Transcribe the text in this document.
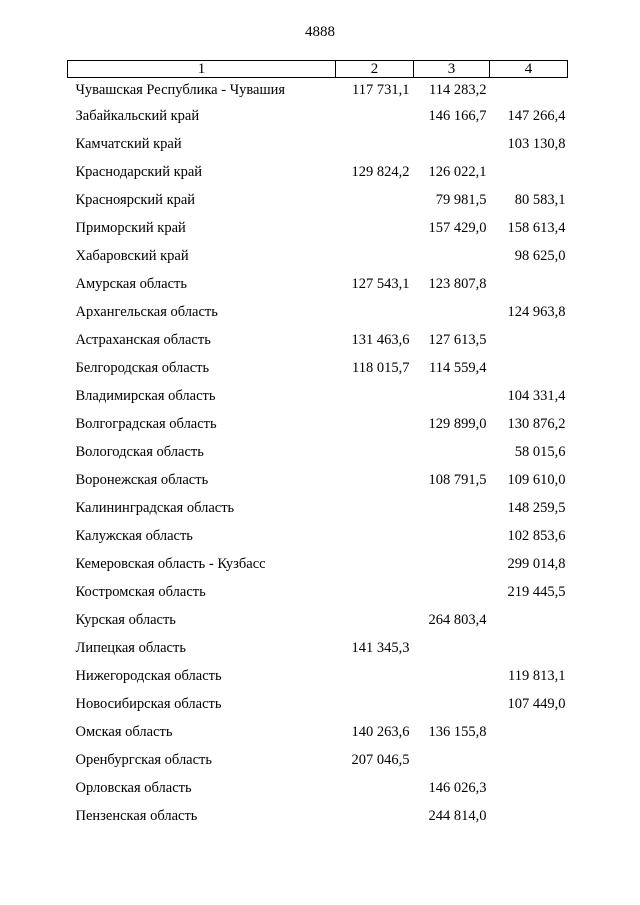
4888
1	2	3	4
Чувашская Республика - Чувашия	117 731,1	114 283,2	
Забайкальский край		146 166,7	147 266,4
Камчатский край			103 130,8
Краснодарский край	129 824,2	126 022,1	
Красноярский край		79 981,5	80 583,1
Приморский край		157 429,0	158 613,4
Хабаровский край			98 625,0
Амурская область	127 543,1	123 807,8	
Архангельская область			124 963,8
Астраханская область	131 463,6	127 613,5	
Белгородская область	118 015,7	114 559,4	
Владимирская область			104 331,4
Волгоградская область		129 899,0	130 876,2
Вологодская область			58 015,6
Воронежская область		108 791,5	109 610,0
Калининградская область			148 259,5
Калужская область			102 853,6
Кемеровская область - Кузбасс			299 014,8
Костромская область			219 445,5
Курская область		264 803,4	
Липецкая область	141 345,3		
Нижегородская область			119 813,1
Новосибирская область			107 449,0
Омская область	140 263,6	136 155,8	
Оренбургская область	207 046,5		
Орловская область		146 026,3	
Пензенская область		244 814,0	
